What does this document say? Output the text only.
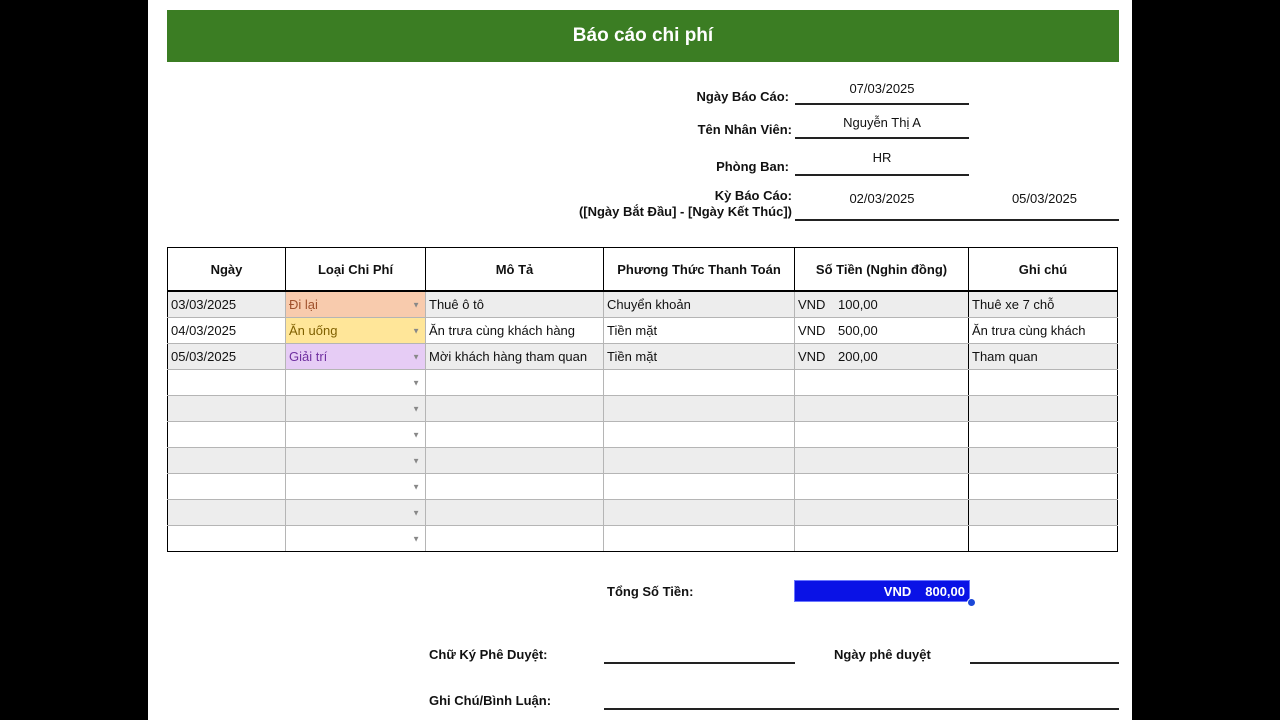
Báo cáo chi phí
Ngày Báo Cáo:
07/03/2025
Tên Nhân Viên:	Nguyễn Thị A
Phòng Ban:
HR
Kỳ Báo Cáo:
([Ngày Bắt Đầu] - [Ngày Kết Thúc])
02/03/2025	05/03/2025
Ngày	Loại Chi Phí	Mô Tả	Phương Thức Thanh Toán	Số Tiền (Nghin đồng)	Ghi chú
03/03/2025	Đi lại ▼	Thuê ô tô	Chuyển khoản	VND 100,00	Thuê xe 7 chỗ
04/03/2025	Ăn uống ▼	Ăn trưa cùng khách hàng	Tiền mặt	VND 500,00	Ăn trưa cùng khách
05/03/2025	Giải trí ▼	Mời khách hàng tham quan	Tiền mặt	VND 200,00	Tham quan

	▼				

	▼				

	▼				

	▼				

	▼				

	▼				

	▼				

Tổng Số Tiền:	VND 800,00
Chữ Ký Phê Duyệt:	Ngày phê duyệt
Ghi Chú/Bình Luận:
